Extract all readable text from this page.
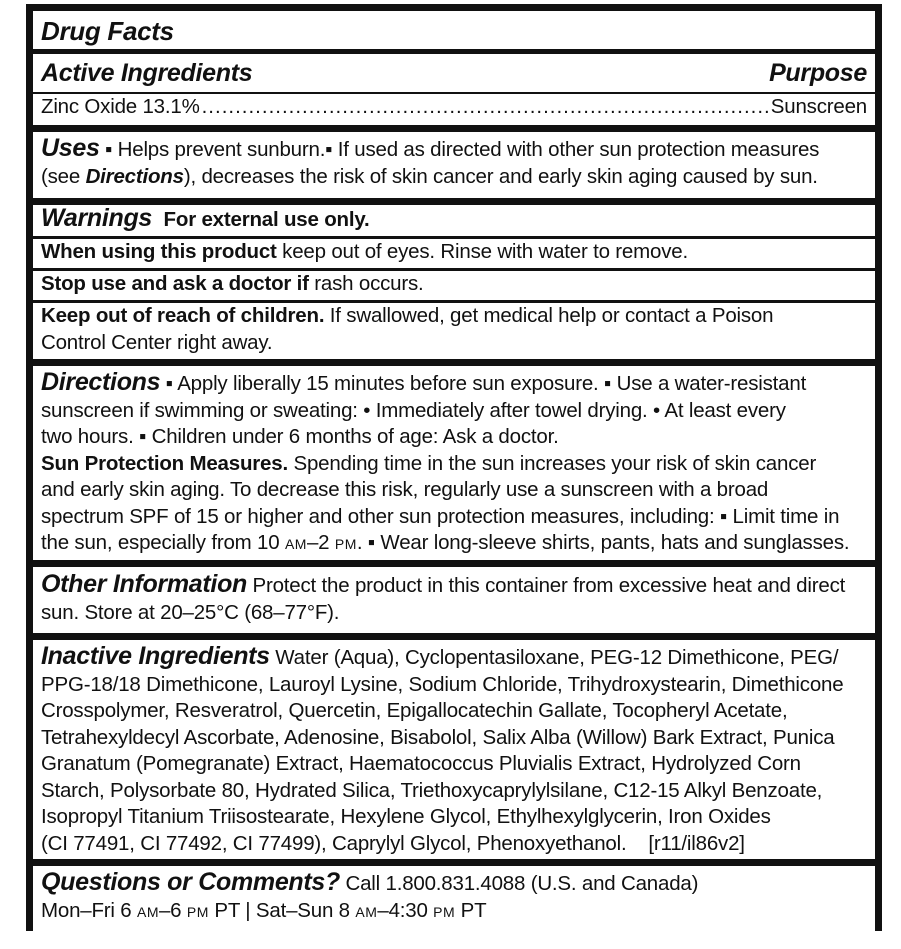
Drug Facts
Active Ingredients	Purpose
Zinc Oxide 13.1%
.....	Sunscreen
Uses ▪ Helps prevent sunburn.▪ If used as directed with other sun protection measures
(see Directions), decreases the risk of skin cancer and early skin aging caused by sun.
Warnings For external use only.
When using this product keep out of eyes. Rinse with water to remove.
Stop use and ask a doctor if rash occurs.
Keep out of reach of children. If swallowed, get medical help or contact a Poison
Control Center right away.
Directions ▪ Apply liberally 15 minutes before sun exposure. ▪ Use a water-resistant
sunscreen if swimming or sweating: • Immediately after towel drying. • At least every
two hours. ▪ Children under 6 months of age: Ask a doctor.
Sun Protection Measures. Spending time in the sun increases your risk of skin cancer
and early skin aging. To decrease this risk, regularly use a sunscreen with a broad
spectrum SPF of 15 or higher and other sun protection measures, including: ▪ Limit time in
the sun, especially from 10 AM–2 PM. ▪ Wear long-sleeve shirts, pants, hats and sunglasses.
Other Information Protect the product in this container from excessive heat and direct
sun. Store at 20–25°C (68–77°F).
Inactive Ingredients Water (Aqua), Cyclopentasiloxane, PEG-12 Dimethicone, PEG/
PPG-18/18 Dimethicone, Lauroyl Lysine, Sodium Chloride, Trihydroxystearin, Dimethicone
Crosspolymer, Resveratrol, Quercetin, Epigallocatechin Gallate, Tocopheryl Acetate,
Tetrahexyldecyl Ascorbate, Adenosine, Bisabolol, Salix Alba (Willow) Bark Extract, Punica
Granatum (Pomegranate) Extract, Haematococcus Pluvialis Extract, Hydrolyzed Corn
Starch, Polysorbate 80, Hydrated Silica, Triethoxycaprylylsilane, C12-15 Alkyl Benzoate,
Isopropyl Titanium Triisostearate, Hexylene Glycol, Ethylhexylglycerin, Iron Oxides
(CI 77491, CI 77492, CI 77499), Caprylyl Glycol, Phenoxyethanol.    [r11/il86v2]
Questions or Comments? Call 1.800.831.4088 (U.S. and Canada)
Mon–Fri 6 AM–6 PM PT | Sat–Sun 8 AM–4:30 PM PT
